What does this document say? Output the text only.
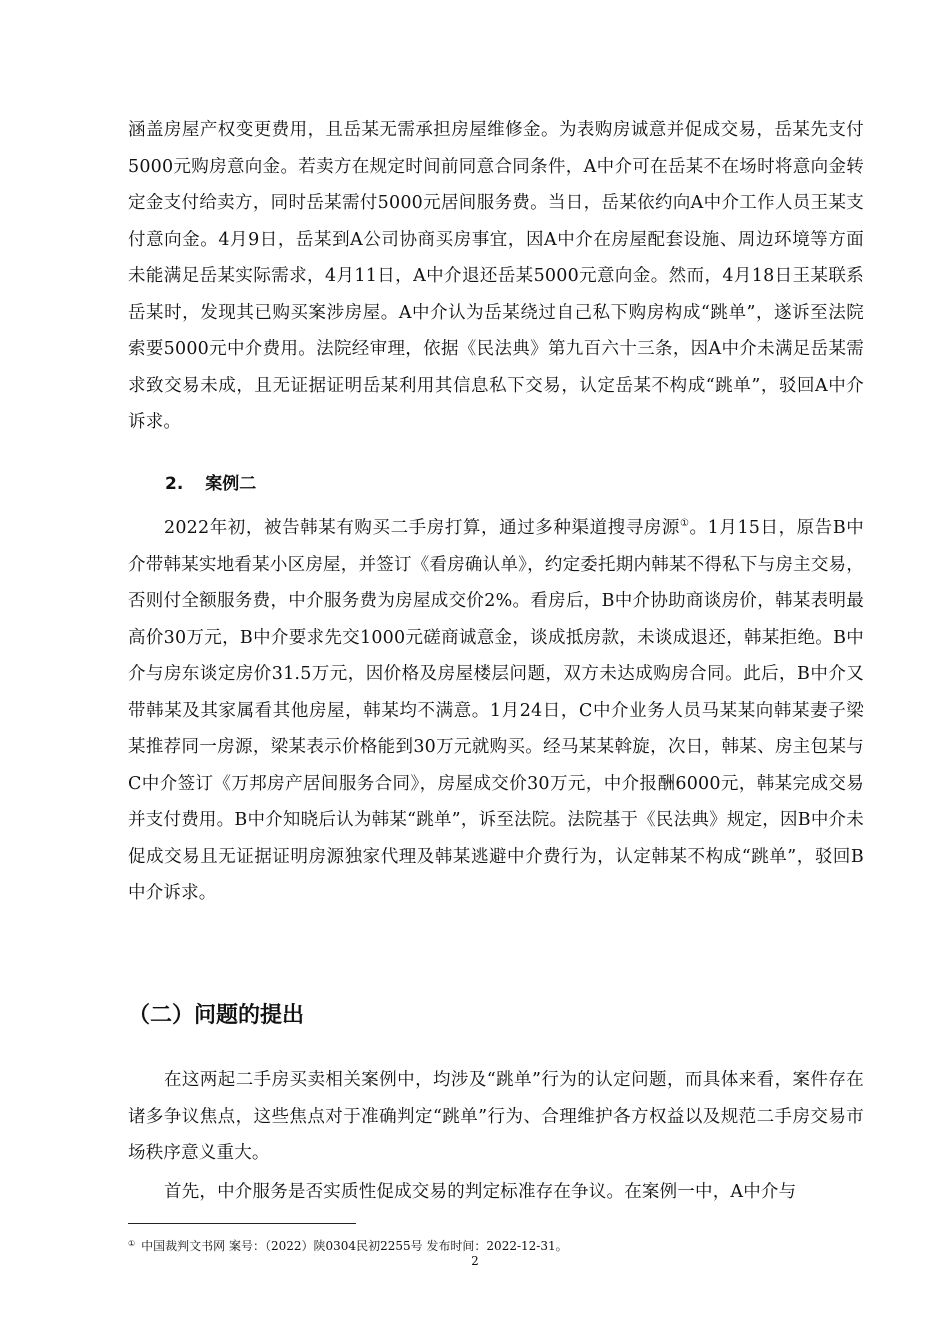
涵盖房屋产权变更费用，且岳某无需承担房屋维修金。为表购房诚意并促成交易，岳某先支付5000元购房意向金。若卖方在规定时间前同意合同条件，A中介可在岳某不在场时将意向金转定金支付给卖方，同时岳某需付5000元居间服务费。当日，岳某依约向A中介工作人员王某支付意向金。4月9日，岳某到A公司协商买房事宜，因A中介在房屋配套设施、周边环境等方面未能满足岳某实际需求，4月11日，A中介退还岳某5000元意向金。然而，4月18日王某联系岳某时，发现其已购买案涉房屋。A中介认为岳某绕过自己私下购房构成“跳单”，遂诉至法院索要5000元中介费用。法院经审理，依据《民法典》第九百六十三条，因A中介未满足岳某需求致交易未成，且无证据证明岳某利用其信息私下交易，认定岳某不构成“跳单”，驳回A中介诉求。

2. 案例二

2022年初，被告韩某有购买二手房打算，通过多种渠道搜寻房源①。1月15日，原告B中介带韩某实地看某小区房屋，并签订《看房确认单》，约定委托期内韩某不得私下与房主交易，否则付全额服务费，中介服务费为房屋成交价2%。看房后，B中介协助商谈房价，韩某表明最高价30万元，B中介要求先交1000元磋商诚意金，谈成抵房款，未谈成退还，韩某拒绝。B中介与房东谈定房价31.5万元，因价格及房屋楼层问题，双方未达成购房合同。此后，B中介又带韩某及其家属看其他房屋，韩某均不满意。1月24日，C中介业务人员马某某向韩某妻子梁某推荐同一房源，梁某表示价格能到30万元就购买。经马某某斡旋，次日，韩某、房主包某与C中介签订《万邦房产居间服务合同》，房屋成交价30万元，中介报酬6000元，韩某完成交易并支付费用。B中介知晓后认为韩某“跳单”，诉至法院。法院基于《民法典》规定，因B中介未促成交易且无证据证明房源独家代理及韩某逃避中介费行为，认定韩某不构成“跳单”，驳回B中介诉求。

（二）问题的提出

在这两起二手房买卖相关案例中，均涉及“跳单”行为的认定问题，而具体来看，案件存在诸多争议焦点，这些焦点对于准确判定“跳单”行为、合理维护各方权益以及规范二手房交易市场秩序意义重大。

首先，中介服务是否实质性促成交易的判定标准存在争议。在案例一中，A中介与

① 中国裁判文书网 案号：（2022）陕0304民初2255号 发布时间：2022-12-31。
2
